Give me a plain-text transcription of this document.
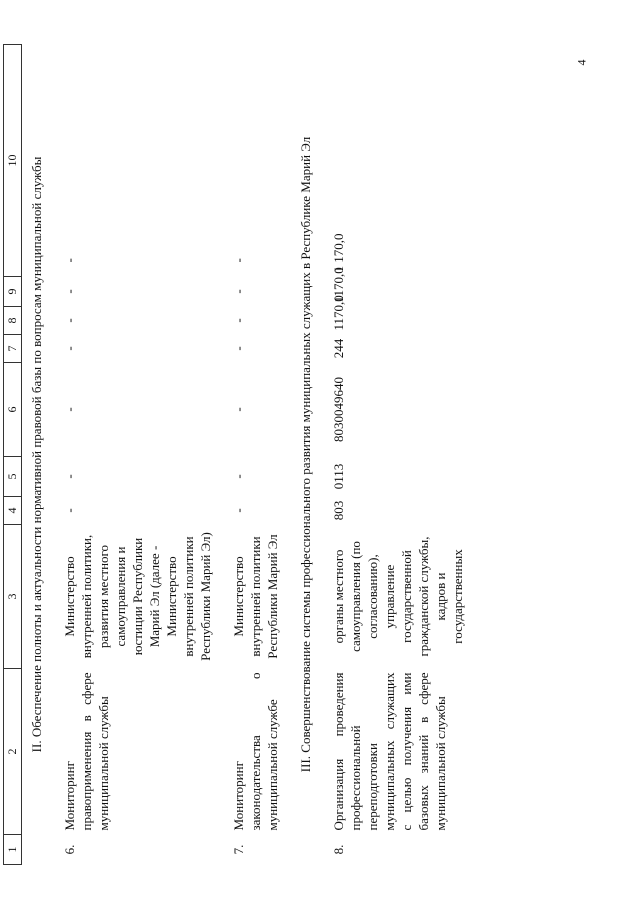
4
1	2	3	4	5	6	7	8	9	10
II. Обеспечение полноты и актуальности нормативной правовой базы по вопросам муниципальной службы									
6.	Мониторинг правоприменения в сфере муниципальной службы	Министерство внутренней политики, развития местного самоуправления и юстиции Республики Марий Эл (далее - Министерство внутренней политики Республики Марий Эл)	-	-	-	-	-	-	-
7.	Мониторинг законодательства о муниципальной службе	Министерство внутренней политики Республики Марий Эл	-	-	-	-	-	-	-
III. Совершенствование системы профессионального развития муниципальных служащих в Республике Марий Эл									
8.	Организация проведения профессиональной переподготовки муниципальных служащих с целью получения ими базовых знаний в сфере муниципальной службы	органы местного самоуправления (по согласованию), управление государственной гражданской службы, кадров и государственных	803	0113	8030049640	244	1170,0	1170,0	1 170,0
